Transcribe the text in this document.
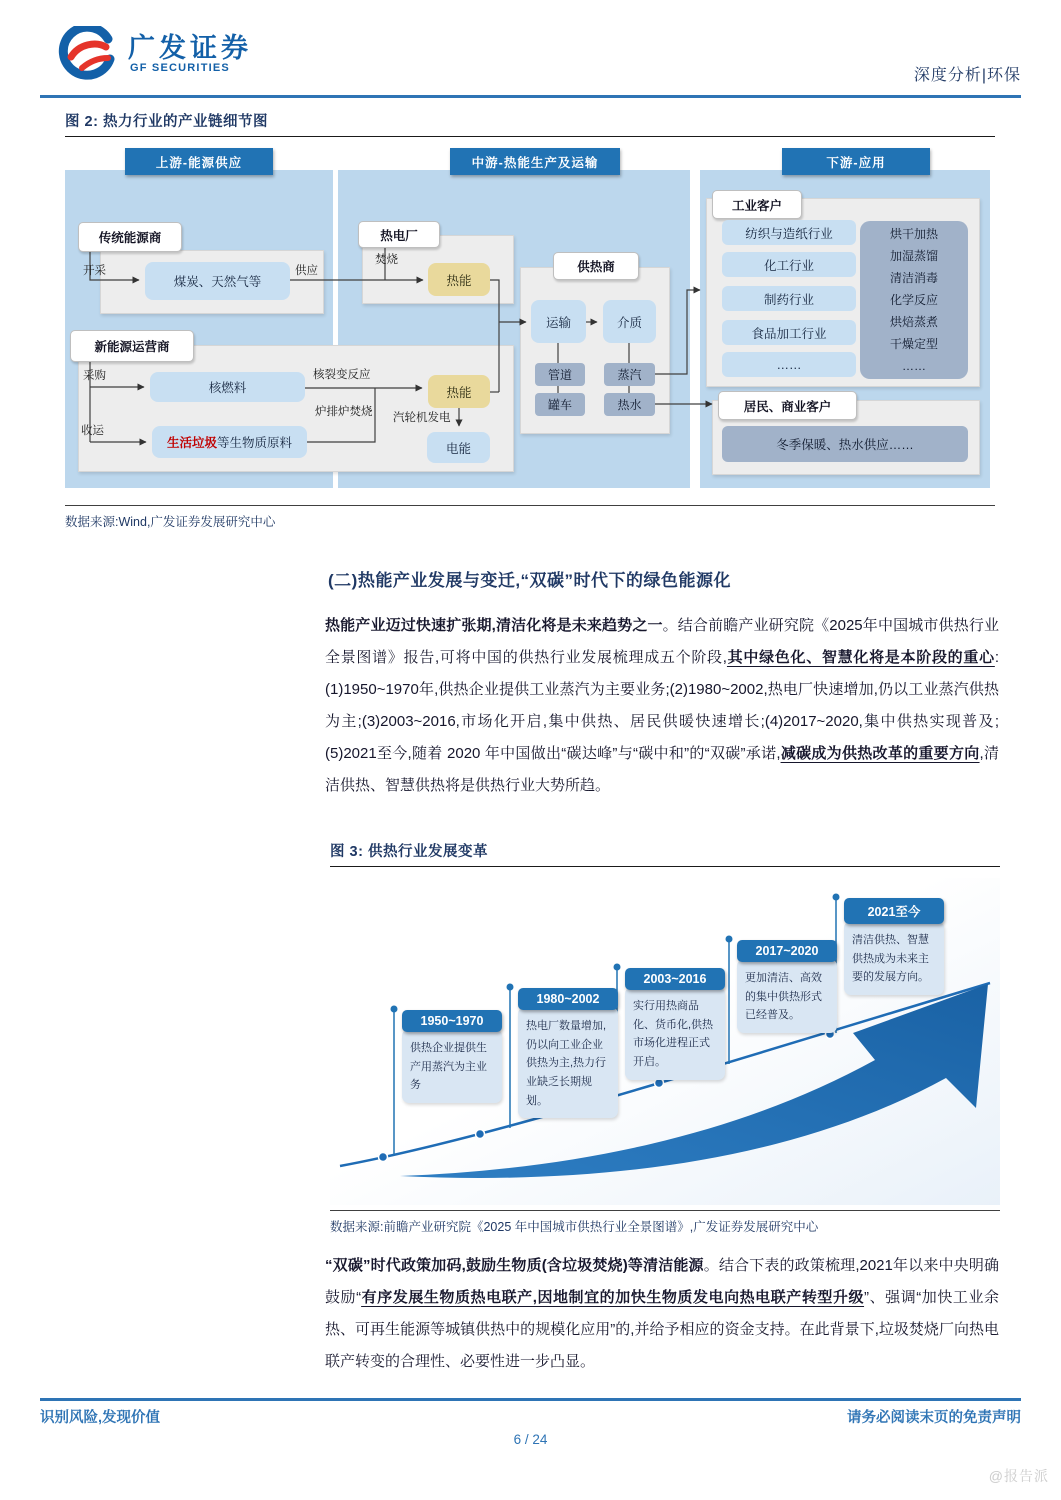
广发证券
GF SECURITIES	深度分析|环保
图 2: 热力行业的产业链细节图
上游-能源供应	中游-热能生产及运输	下游-应用
传统能源商
煤炭、天然气等
开采	供应
新能源运营商
核燃料
生活垃圾 等生物质原料
采购
收运
核裂变反应
炉排炉焚烧
热能
汽轮机发电
电能
热电厂
焚烧
热能
供热商
运输	介质
管道
罐车
蒸汽
热水
工业客户
纺织与造纸行业
化工行业
制药行业
食品加工行业
……
烘干加热
加湿蒸馏
清洁消毒
化学反应
烘焙蒸煮
干燥定型
……
居民、商业客户
冬季保暖、热水供应……
数据来源:Wind,广发证券发展研究中心
(二)热能产业发展与变迁,“双碳”时代下的绿色能源化
热能产业迈过快速扩张期,清洁化将是未来趋势之一。结合前瞻产业研究院《2025年中国城市供热行业全景图谱》报告,可将中国的供热行业发展梳理成五个阶段,其中绿色化、智慧化将是本阶段的重心:(1)1950~1970年,供热企业提供工业蒸汽为主要业务;(2)1980~2002,热电厂快速增加,仍以工业蒸汽供热为主;(3)2003~2016,市场化开启,集中供热、居民供暖快速增长;(4)2017~2020,集中供热实现普及;(5)2021至今,随着 2020 年中国做出“碳达峰”与“碳中和”的“双碳”承诺,减碳成为供热改革的重要方向,清洁供热、智慧供热将是供热行业大势所趋。
图 3: 供热行业发展变革
1950~1970
供热企业提供生产用蒸汽为主业务
1980~2002
热电厂数量增加,仍以向工业企业供热为主,热力行业缺乏长期规划。
2003~2016
实行用热商品化、货币化,供热市场化进程正式开启。
2017~2020
更加清洁、高效的集中供热形式已经普及。
2021至今
清洁供热、智慧供热成为未来主要的发展方向。
数据来源:前瞻产业研究院《2025 年中国城市供热行业全景图谱》,广发证券发展研究中心
“双碳”时代政策加码,鼓励生物质(含垃圾焚烧)等清洁能源。结合下表的政策梳理,2021年以来中央明确鼓励“有序发展生物质热电联产,因地制宜的加快生物质发电向热电联产转型升级”、强调“加快工业余热、可再生能源等城镇供热中的规模化应用”的,并给予相应的资金支持。在此背景下,垃圾焚烧厂向热电联产转变的合理性、必要性进一步凸显。
识别风险,发现价值	请务必阅读末页的免责声明
6 / 24
@报告派
